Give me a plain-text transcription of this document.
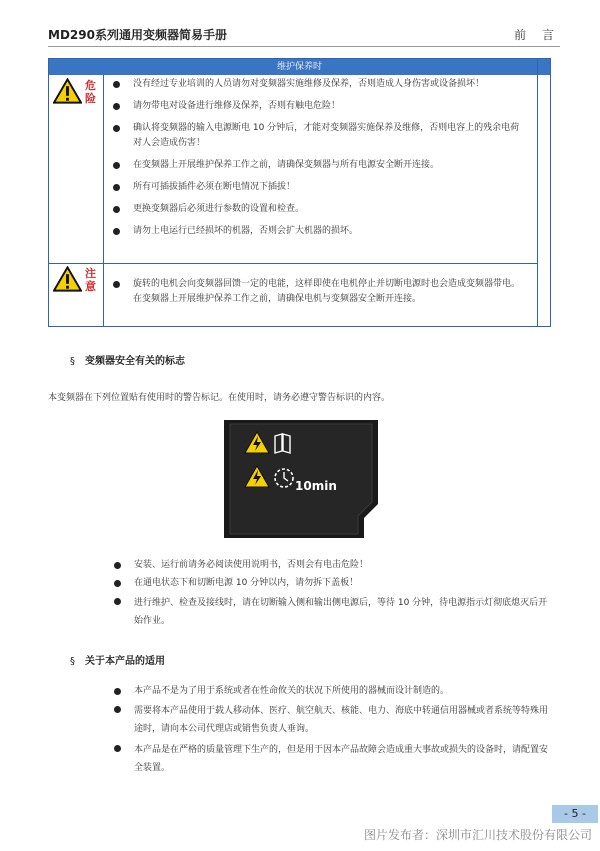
MD290系列通用变频器简易手册	前 言
维护保养时
危险
没有经过专业培训的人员请勿对变频器实施维修及保养，否则造成人身伤害或设备损坏！
请勿带电对设备进行维修及保养，否则有触电危险！
确认将变频器的输入电源断电 10 分钟后，才能对变频器实施保养及维修，否则电容上的残余电荷对人会造成伤害！
在变频器上开展维护保养工作之前，请确保变频器与所有电源安全断开连接。
所有可插拔插件必须在断电情况下插拔！
更换变频器后必须进行参数的设置和检查。
请勿上电运行已经损坏的机器，否则会扩大机器的损坏。
注意	旋转的电机会向变频器回馈一定的电能，这样即使在电机停止并切断电源时也会造成变频器带电。在变频器上开展维护保养工作之前，请确保电机与变频器安全断开连接。
§ 变频器安全有关的标志
本变频器在下列位置贴有使用时的警告标记。在使用时，请务必遵守警告标识的内容。
10min
安装、运行前请务必阅读使用说明书，否则会有电击危险！
在通电状态下和切断电源 10 分钟以内，请勿拆下盖板！
进行维护、检查及接线时，请在切断输入侧和输出侧电源后，等待 10 分钟，待电源指示灯彻底熄灭后开始作业。
§ 关于本产品的适用
本产品不是为了用于系统或者在性命攸关的状况下所使用的器械而设计制造的。
需要将本产品使用于载人移动体、医疗、航空航天、核能、电力、海底中转通信用器械或者系统等特殊用途时，请向本公司代理店或销售负责人垂询。
本产品是在严格的质量管理下生产的，但是用于因本产品故障会造成重大事故或损失的设备时，请配置安全装置。
- 5 -
图片发布者：深圳市汇川技术股份有限公司
